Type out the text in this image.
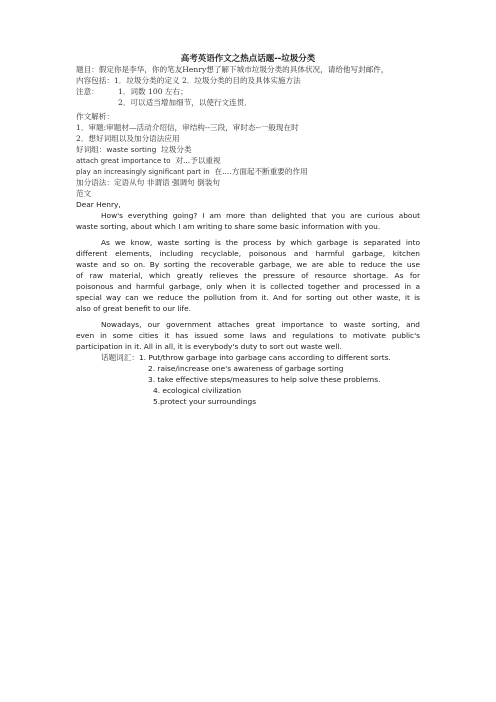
高考英语作文之热点话题--垃圾分类
题目：假定你是李华，你的笔友Henry想了解下城市垃圾分类的具体状况，请给他写封邮件，
内容包括：1．垃圾分类的定义 2．垃圾分类的目的及具体实施方法
注意：	1．词数 100 左右；
2．可以适当增加细节，以使行文连贯．
作文解析：
1．审题:审题材—活动介绍信，审结构--三段，审时态--一般现在时
2．想好词组以及加分语法应用
好词组：waste sorting 垃圾分类
attach great importance to 对...予以重视
play an increasingly significant part in 在....方面起不断重要的作用
加分语法：定语从句 非谓语 强调句 倒装句
范文
Dear Henry,
How's everything going? I am more than delighted that you are curious about
waste sorting, about which I am writing to share some basic information with you.
As we know, waste sorting is the process by which garbage is separated into
different elements, including recyclable, poisonous and harmful garbage, kitchen
waste and so on. By sorting the recoverable garbage, we are able to reduce the use
of raw material, which greatly relieves the pressure of resource shortage. As for
poisonous and harmful garbage, only when it is collected together and processed in a
special way can we reduce the pollution from it. And for sorting out other waste, it is
also of great benefit to our life.
Nowadays, our government attaches great importance to waste sorting, and
even in some cities it has issued some laws and regulations to motivate public's
participation in it. All in all, it is everybody's duty to sort out waste well.
话题词汇：1. Put/throw garbage into garbage cans according to different sorts.
2. raise/increase one's awareness of garbage sorting
3. take effective steps/measures to help solve these problems.
4. ecological civilization
5.protect your surroundings
